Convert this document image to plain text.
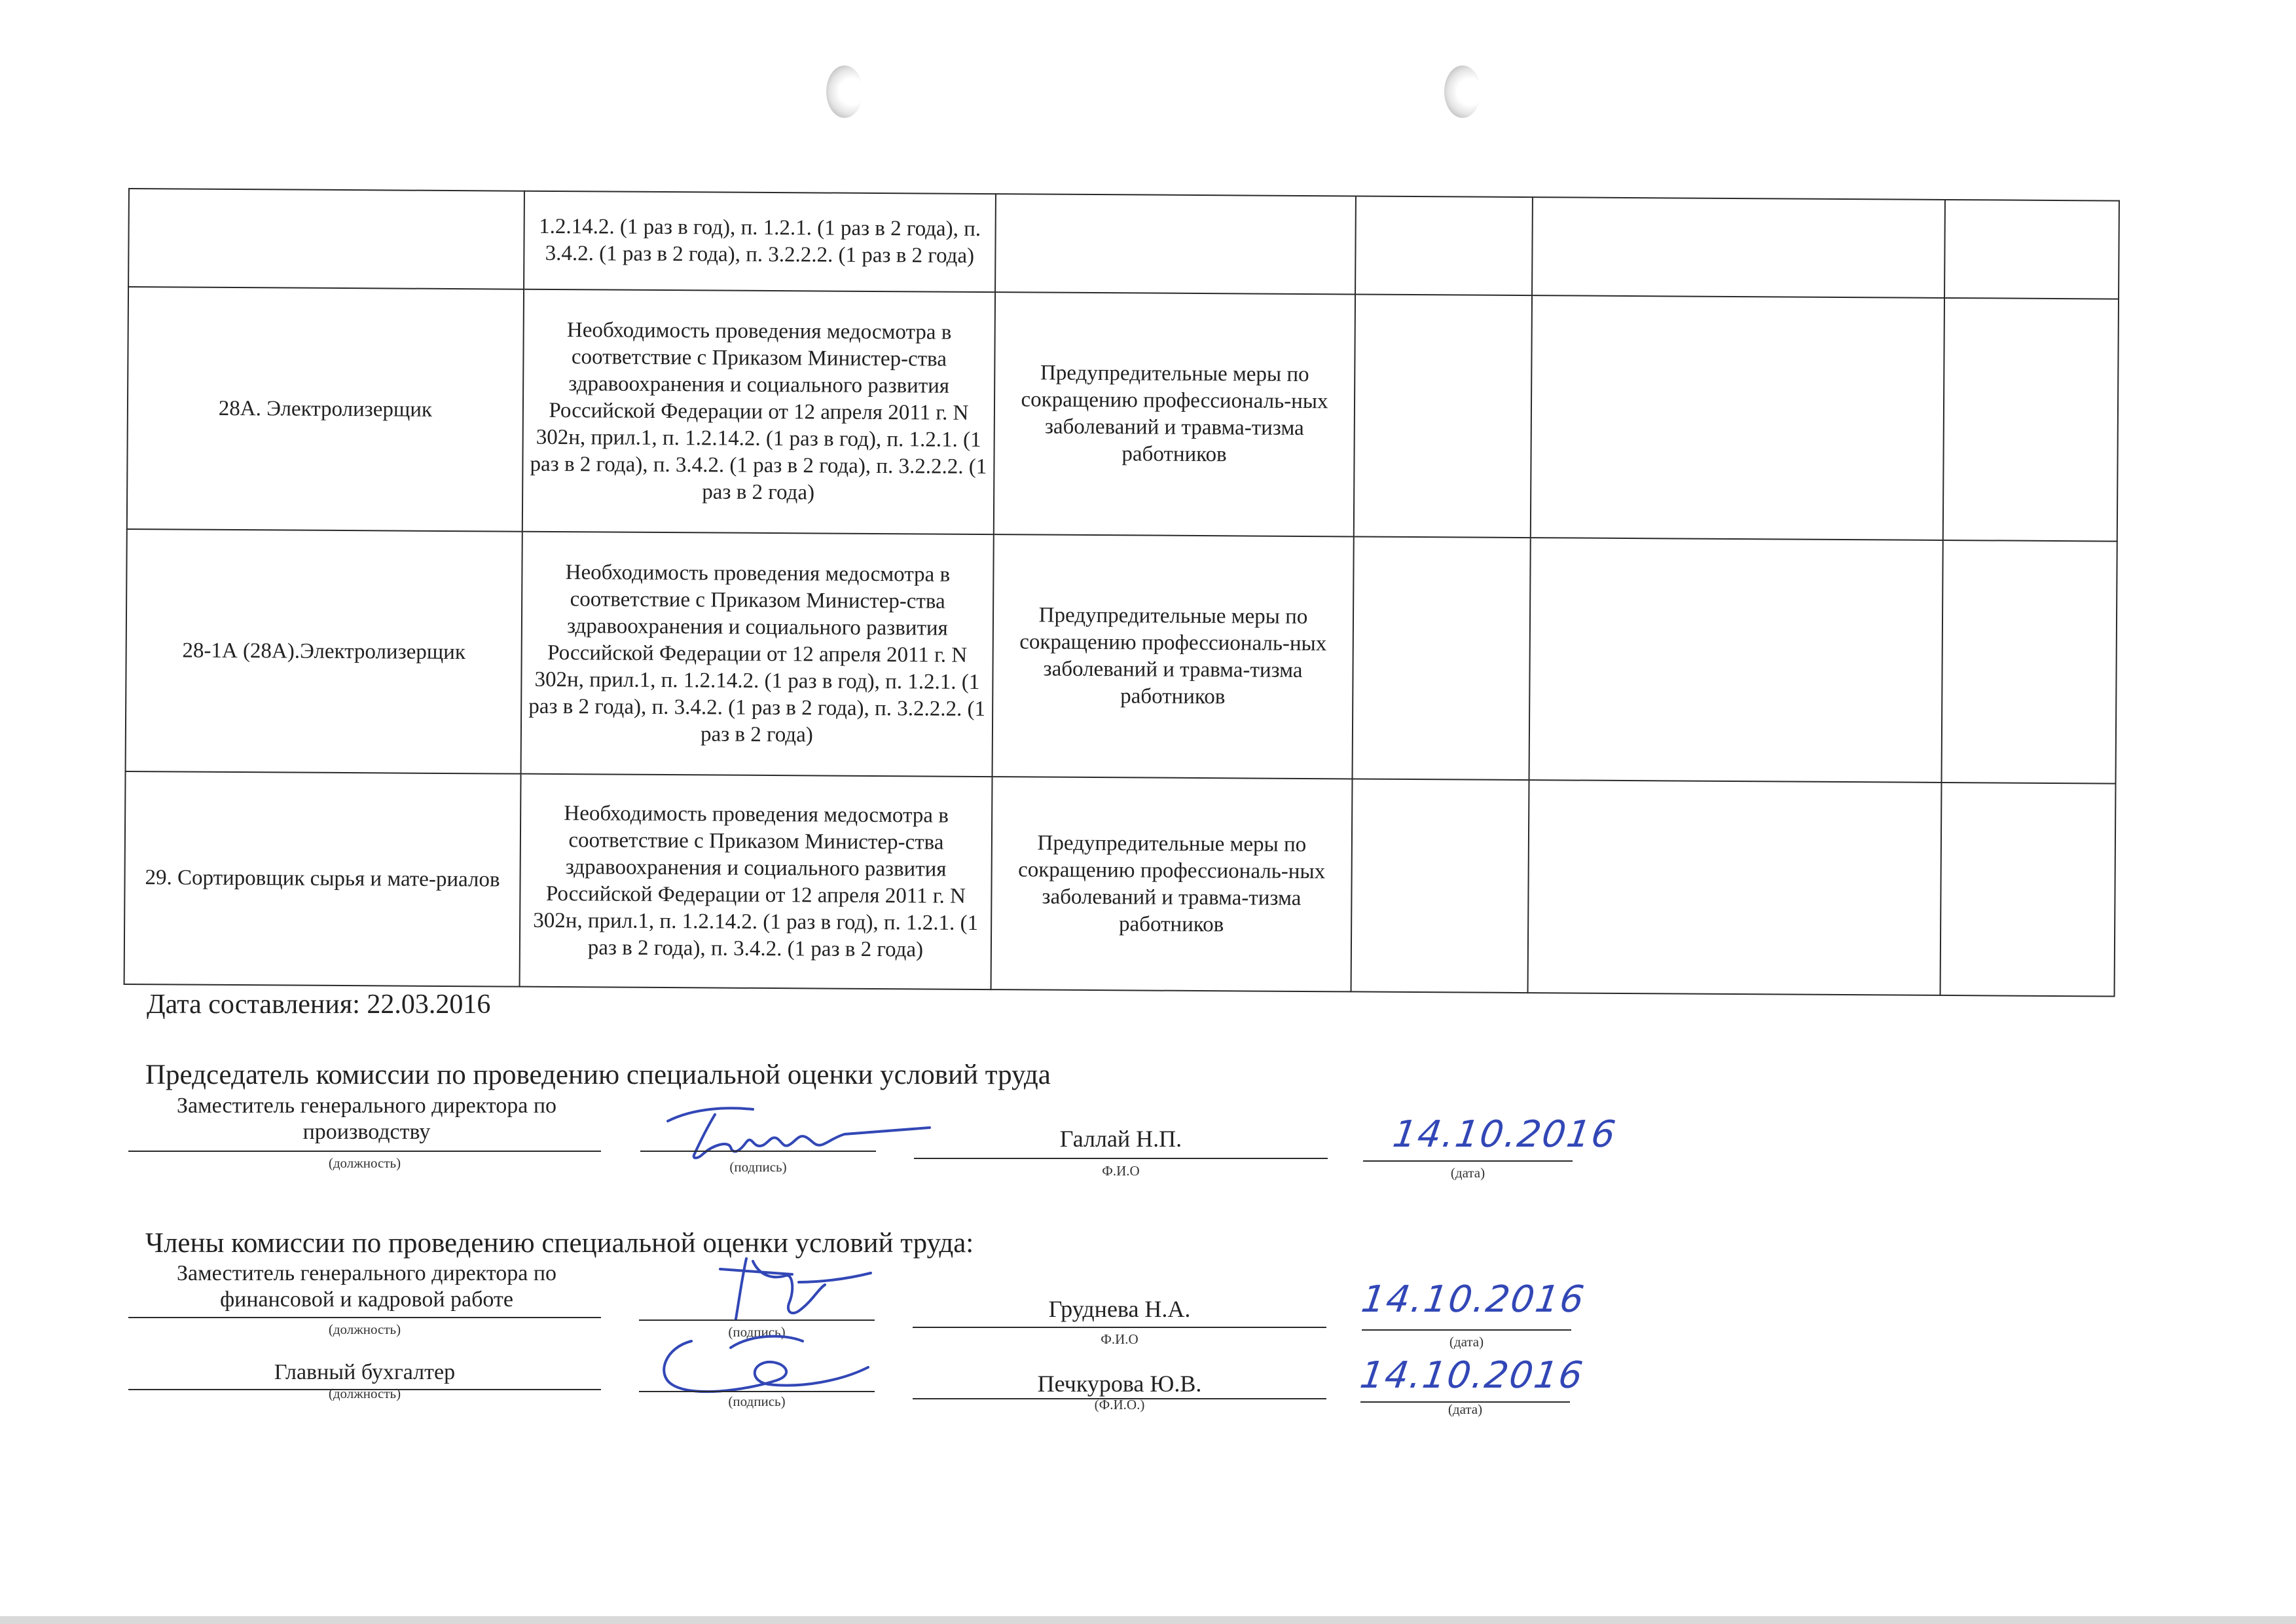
	1.2.14.2. (1 раз в год), п. 1.2.1. (1 раз в 2 года), п. 3.4.2. (1 раз в 2 года), п. 3.2.2.2. (1 раз в 2 года)				
28А. Электролизерщик	Необходимость проведения медосмотра в соответствие с Приказом Министер-ства здравоохранения и социального развития Российской Федерации от 12 апреля 2011 г. N 302н, прил.1, п. 1.2.14.2. (1 раз в год), п. 1.2.1. (1 раз в 2 года), п. 3.4.2. (1 раз в 2 года), п. 3.2.2.2. (1 раз в 2 года)	Предупредительные меры по сокращению профессиональ-ных заболеваний и травма-тизма работников			
28-1А (28А).Электролизерщик	Необходимость проведения медосмотра в соответствие с Приказом Министер-ства здравоохранения и социального развития Российской Федерации от 12 апреля 2011 г. N 302н, прил.1, п. 1.2.14.2. (1 раз в год), п. 1.2.1. (1 раз в 2 года), п. 3.4.2. (1 раз в 2 года), п. 3.2.2.2. (1 раз в 2 года)	Предупредительные меры по сокращению профессиональ-ных заболеваний и травма-тизма работников			
29. Сортировщик сырья и мате-риалов	Необходимость проведения медосмотра в соответствие с Приказом Министер-ства здравоохранения и социального развития Российской Федерации от 12 апреля 2011 г. N 302н, прил.1, п. 1.2.14.2. (1 раз в год), п. 1.2.1. (1 раз в 2 года), п. 3.4.2. (1 раз в 2 года)	Предупредительные меры по сокращению профессиональ-ных заболеваний и травма-тизма работников			
Дата составления: 22.03.2016
Председатель комиссии по проведению специальной оценки условий труда
Заместитель генерального директора по производству
(должность)	(подпись)
Галлай Н.П.
Ф.И.О
14.10.2016
(дата)
Члены комиссии по проведению специальной оценки условий труда:
Заместитель генерального директора по финансовой и кадровой работе
(должность)	(подпись)
Груднева Н.А.
Ф.И.О
14.10.2016
(дата)
Главный бухгалтер
(должность)	(подпись)
Печкурова Ю.В.
(Ф.И.О.)
14.10.2016
(дата)
